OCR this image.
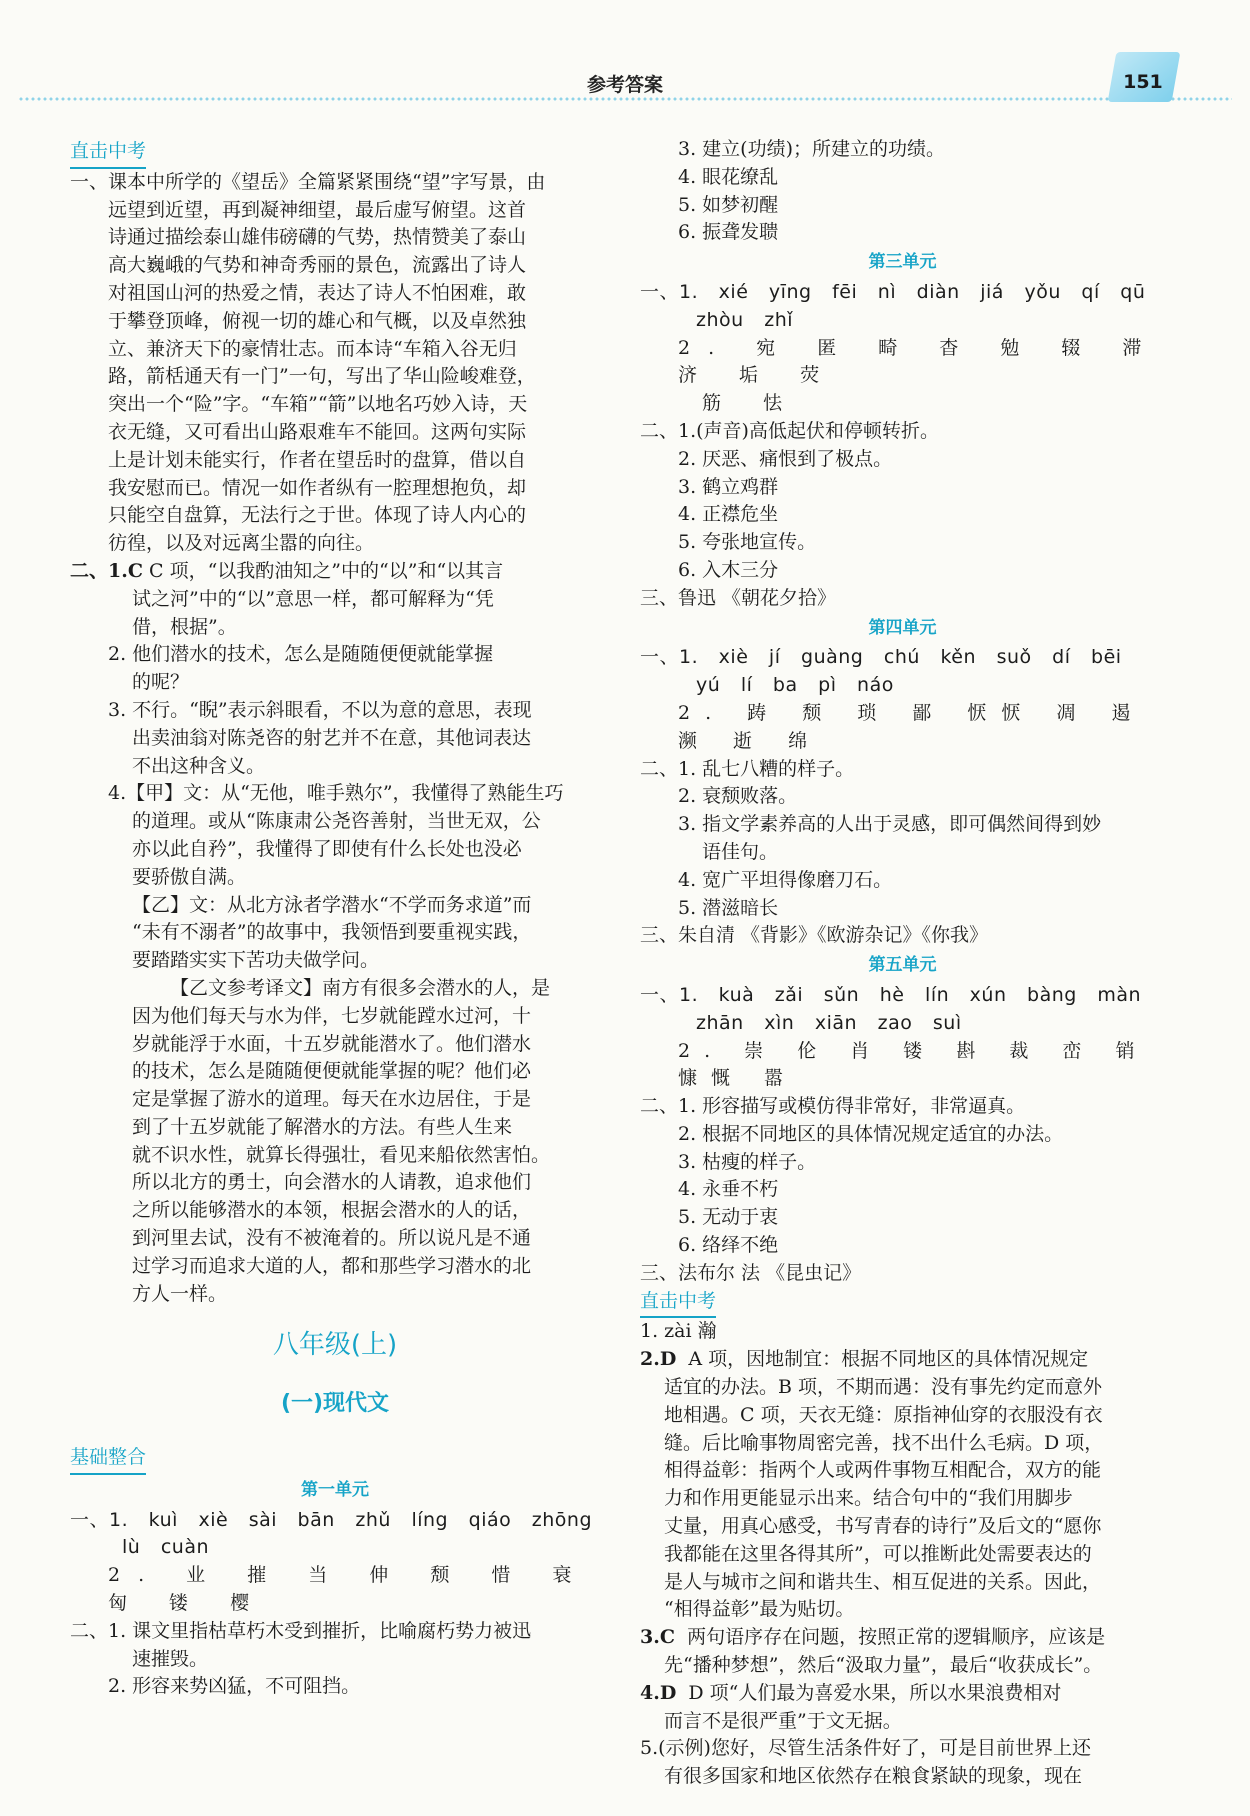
参考答案	151

直击中考

一、课本中所学的《望岳》全篇紧紧围绕“望”字写景，由

远望到近望，再到凝神细望，最后虚写俯望。这首

诗通过描绘泰山雄伟磅礴的气势，热情赞美了泰山

高大巍峨的气势和神奇秀丽的景色，流露出了诗人

对祖国山河的热爱之情，表达了诗人不怕困难，敢

于攀登顶峰，俯视一切的雄心和气概，以及卓然独

立、兼济天下的豪情壮志。而本诗“车箱入谷无归

路，箭栝通天有一门”一句，写出了华山险峻难登，

突出一个“险”字。“车箱”“箭”以地名巧妙入诗，天

衣无缝，又可看出山路艰难车不能回。这两句实际

上是计划未能实行，作者在望岳时的盘算，借以自

我安慰而已。情况一如作者纵有一腔理想抱负，却

只能空自盘算，无法行之于世。体现了诗人内心的

彷徨，以及对远离尘嚣的向往。

二、1.C C 项，“以我酌油知之”中的“以”和“以其言

试之河”中的“以”意思一样，都可解释为“凭

借，根据”。

2. 他们潜水的技术，怎么是随随便便就能掌握

的呢？

3. 不行。“睨”表示斜眼看，不以为意的意思，表现

出卖油翁对陈尧咨的射艺并不在意，其他词表达

不出这种含义。

4.【甲】文：从“无他，唯手熟尔”，我懂得了熟能生巧

的道理。或从“陈康肃公尧咨善射，当世无双，公

亦以此自矜”，我懂得了即使有什么长处也没必

要骄傲自满。

【乙】文：从北方泳者学潜水“不学而务求道”而

“未有不溺者”的故事中，我领悟到要重视实践，

要踏踏实实下苦功夫做学问。

【乙文参考译文】南方有很多会潜水的人，是

因为他们每天与水为伴，七岁就能蹚水过河，十

岁就能浮于水面，十五岁就能潜水了。他们潜水

的技术，怎么是随随便便就能掌握的呢？他们必

定是掌握了游水的道理。每天在水边居住，于是

到了十五岁就能了解潜水的方法。有些人生来

就不识水性，就算长得强壮，看见来船依然害怕。

所以北方的勇士，向会潜水的人请教，追求他们

之所以能够潜水的本领，根据会潜水的人的话，

到河里去试，没有不被淹着的。所以说凡是不通

过学习而追求大道的人，都和那些学习潜水的北

方人一样。

八年级(上)

(一)现代文

基础整合

第一单元

一、1. kuì xiè sài bān zhǔ líng qiáo zhōng

lù cuàn

2. 业 摧 当 伸 颓 惜 衰 匈 镂 樱

二、1. 课文里指枯草朽木受到摧折，比喻腐朽势力被迅

速摧毁。

2. 形容来势凶猛，不可阻挡。

3. 建立(功绩)；所建立的功绩。

4. 眼花缭乱

5. 如梦初醒

6. 振聋发聩

第三单元

一、1. xié yīng fēi nì diàn jiá yǒu qí qū

zhòu zhǐ

2. 宛 匿 畸 杳 勉 辍 滞 济 垢 荧

筋 怯

二、1.(声音)高低起伏和停顿转折。

2. 厌恶、痛恨到了极点。

3. 鹤立鸡群

4. 正襟危坐

5. 夸张地宣传。

6. 入木三分

三、鲁迅 《朝花夕拾》

第四单元

一、1. xiè jí guàng chú kěn suǒ dí bēi

yú lí ba pì náo

2. 踌 颓 琐 鄙 恹恹 凋 遏 濒 逝 绵

二、1. 乱七八糟的样子。

2. 衰颓败落。

3. 指文学素养高的人出于灵感，即可偶然间得到妙

语佳句。

4. 宽广平坦得像磨刀石。

5. 潜滋暗长

三、朱自清 《背影》《欧游杂记》《你我》

第五单元

一、1. kuà zǎi sǔn hè lín xún bàng màn

zhān xìn xiān zao suì

2. 崇 伦 肖 镂 斟 裁 峦 销 慷慨 嚣

二、1. 形容描写或模仿得非常好，非常逼真。

2. 根据不同地区的具体情况规定适宜的办法。

3. 枯瘦的样子。

4. 永垂不朽

5. 无动于衷

6. 络绎不绝

三、法布尔 法 《昆虫记》

直击中考

1. zài 瀚

2.D A 项，因地制宜：根据不同地区的具体情况规定

适宜的办法。B 项，不期而遇：没有事先约定而意外

地相遇。C 项，天衣无缝：原指神仙穿的衣服没有衣

缝。后比喻事物周密完善，找不出什么毛病。D 项，

相得益彰：指两个人或两件事物互相配合，双方的能

力和作用更能显示出来。结合句中的“我们用脚步

丈量，用真心感受，书写青春的诗行”及后文的“愿你

我都能在这里各得其所”，可以推断此处需要表达的

是人与城市之间和谐共生、相互促进的关系。因此，

“相得益彰”最为贴切。

3.C 两句语序存在问题，按照正常的逻辑顺序，应该是

先“播种梦想”，然后“汲取力量”，最后“收获成长”。

4.D D 项“人们最为喜爱水果，所以水果浪费相对

而言不是很严重”于文无据。

5.(示例)您好，尽管生活条件好了，可是目前世界上还

有很多国家和地区依然存在粮食紧缺的现象，现在
